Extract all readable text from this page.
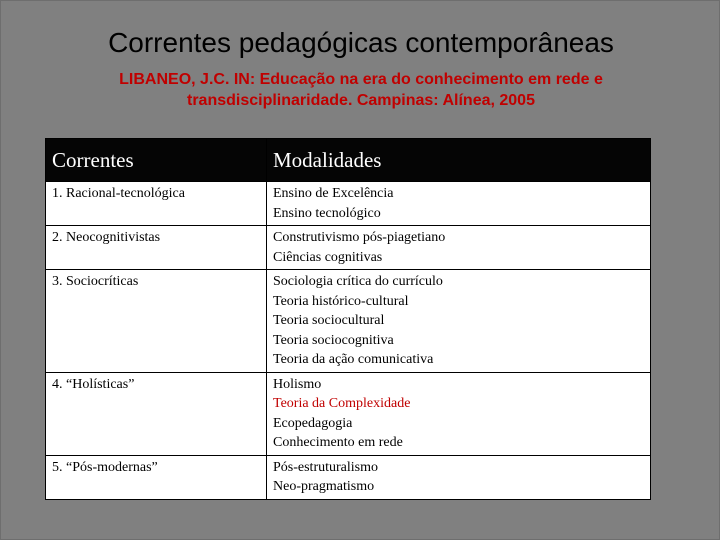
Correntes pedagógicas contemporâneas
LIBANEO, J.C. IN: Educação na era do conhecimento em rede e
transdisciplinaridade. Campinas: Alínea, 2005
Correntes	Modalidades
1. Racional-tecnológica	Ensino de Excelência
Ensino tecnológico

2. Neocognitivistas	Construtivismo pós-piagetiano
Ciências cognitivas

3. Sociocríticas	Sociologia crítica do currículo
Teoria histórico-cultural
Teoria sociocultural
Teoria sociocognitiva
Teoria da ação comunicativa

4. “Holísticas”	Holismo
Teoria da Complexidade
Ecopedagogia
Conhecimento em rede

5. “Pós-modernas”	Pós-estruturalismo
Neo-pragmatismo
